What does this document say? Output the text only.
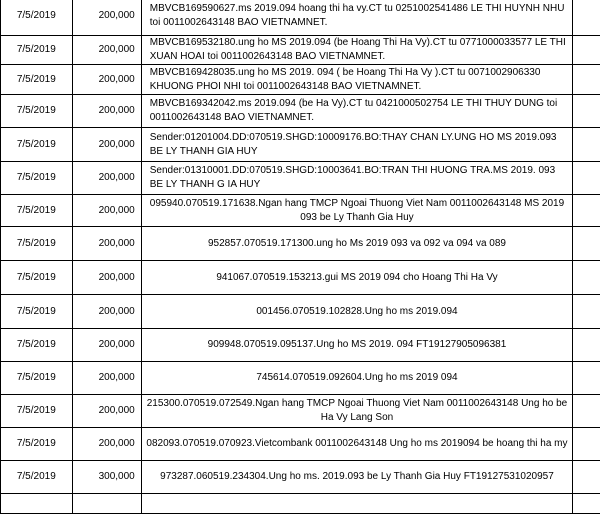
7/5/2019	200,000	MBVCB169590627.ms 2019.094 hoang thi ha vy.CT tu 0251002541486 LE THI HUYNH NHU toi 0011002643148 BAO VIETNAMNET.	
7/5/2019	200,000	MBVCB169532180.ung ho MS 2019.094 (be Hoang Thi Ha Vy).CT tu 0771000033577 LE THI XUAN HOAI toi 0011002643148 BAO VIETNAMNET.	
7/5/2019	200,000	MBVCB169428035.ung ho MS 2019. 094 ( be Hoang Thi Ha Vy ).CT tu 0071002906330 KHUONG PHOI NHI toi 0011002643148 BAO VIETNAMNET.	
7/5/2019	200,000	MBVCB169342042.ms 2019.094 (be Ha Vy).CT tu 0421000502754 LE THI THUY DUNG toi 0011002643148 BAO VIETNAMNET.	
7/5/2019	200,000	Sender:01201004.DD:070519.SHGD:10009176.BO:THAY CHAN LY.UNG HO MS 2019.093 BE LY THANH GIA HUY	
7/5/2019	200,000	Sender:01310001.DD:070519.SHGD:10003641.BO:TRAN THI HUONG TRA.MS 2019. 093 BE LY THANH G IA HUY	
7/5/2019	200,000	095940.070519.171638.Ngan hang TMCP Ngoai Thuong Viet Nam 0011002643148 MS 2019 093 be Ly Thanh Gia Huy	
7/5/2019	200,000	952857.070519.171300.ung ho Ms 2019 093 va 092 va 094 va 089	
7/5/2019	200,000	941067.070519.153213.gui MS 2019 094 cho Hoang Thi Ha Vy	
7/5/2019	200,000	001456.070519.102828.Ung ho ms 2019.094	
7/5/2019	200,000	909948.070519.095137.Ung ho MS 2019. 094 FT19127905096381	
7/5/2019	200,000	745614.070519.092604.Ung ho ms 2019 094	
7/5/2019	200,000	215300.070519.072549.Ngan hang TMCP Ngoai Thuong Viet Nam 0011002643148 Ung ho be Ha Vy Lang Son	
7/5/2019	200,000	082093.070519.070923.Vietcombank 0011002643148 Ung ho ms 2019094 be hoang thi ha my	
7/5/2019	300,000	973287.060519.234304.Ung ho ms. 2019.093 be Ly Thanh Gia Huy FT19127531020957	
